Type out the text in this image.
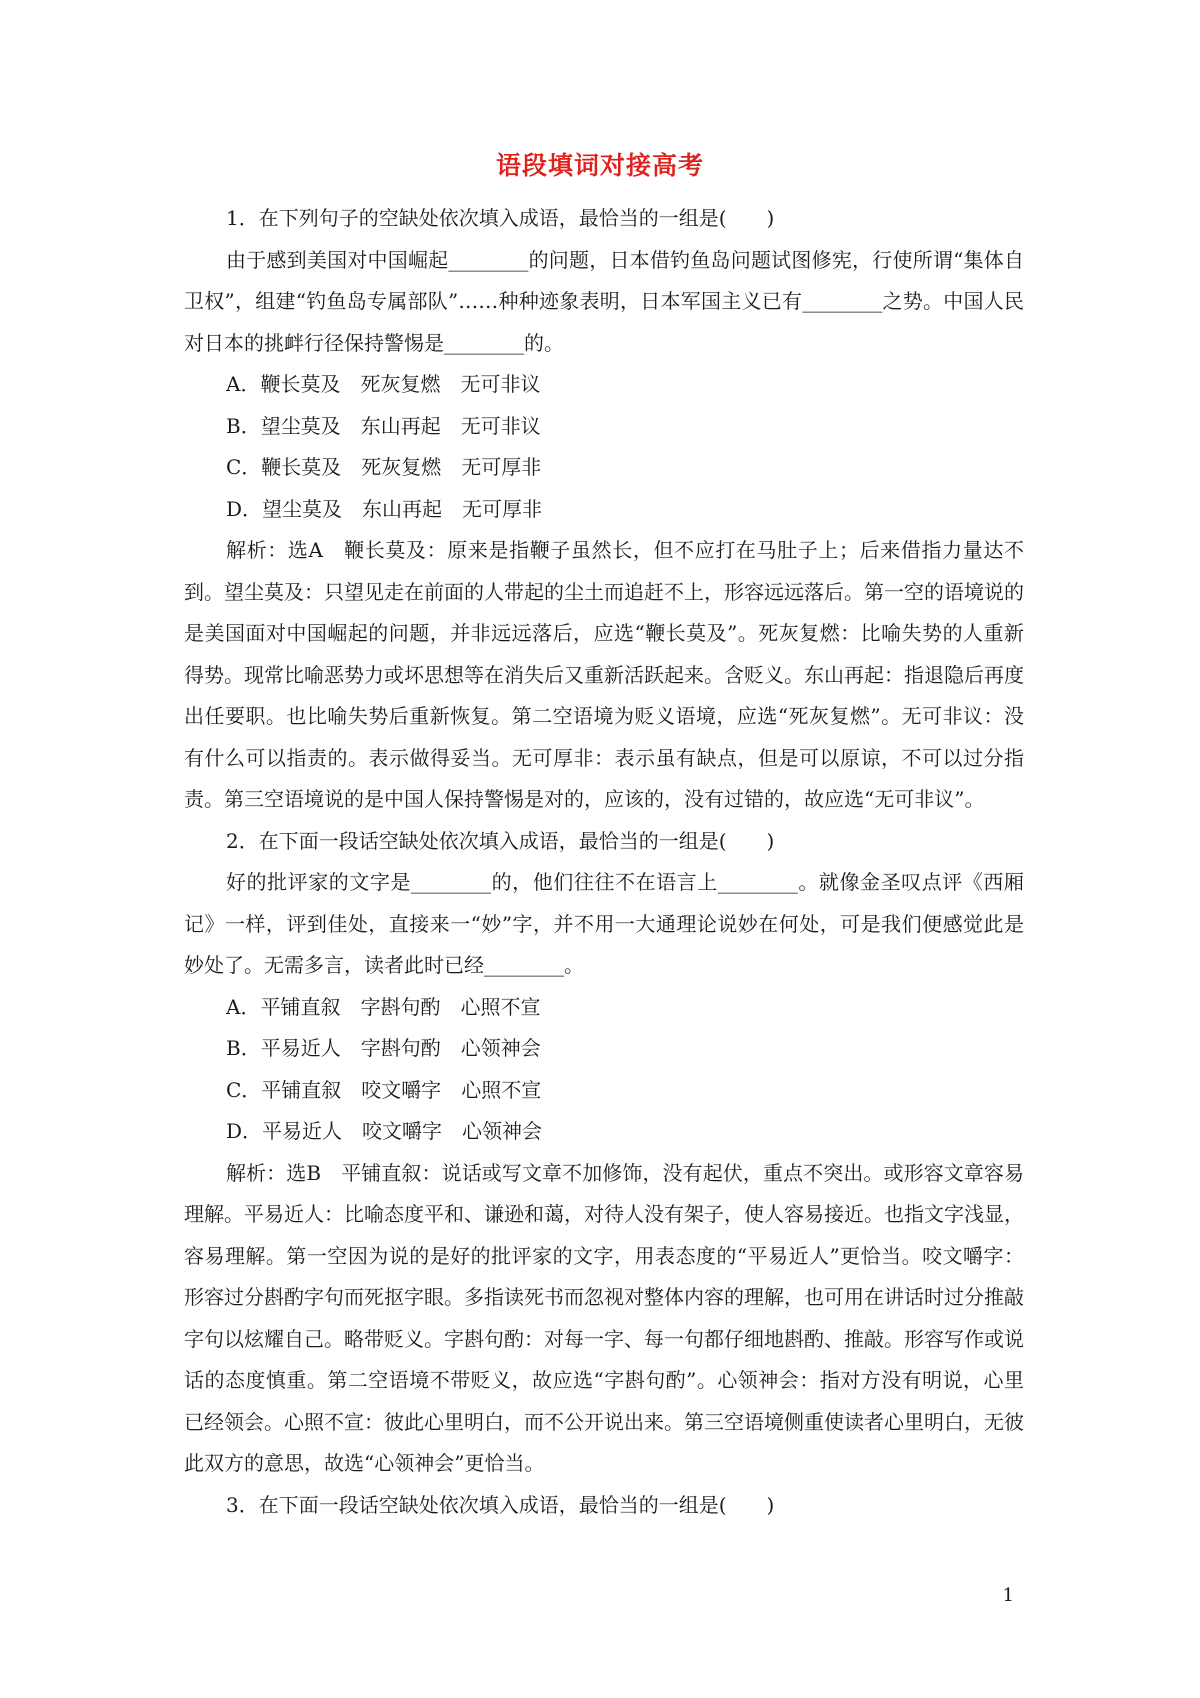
语段填词对接高考

1．在下列句子的空缺处依次填入成语，最恰当的一组是(　　)

由于感到美国对中国崛起________的问题，日本借钓鱼岛问题试图修宪，行使所谓“集体自卫权”，组建“钓鱼岛专属部队”……种种迹象表明，日本军国主义已有________之势。中国人民对日本的挑衅行径保持警惕是________的。

A．鞭长莫及　死灰复燃　无可非议

B．望尘莫及　东山再起　无可非议

C．鞭长莫及　死灰复燃　无可厚非

D．望尘莫及　东山再起　无可厚非

解析：选A　鞭长莫及：原来是指鞭子虽然长，但不应打在马肚子上；后来借指力量达不到。望尘莫及：只望见走在前面的人带起的尘土而追赶不上，形容远远落后。第一空的语境说的是美国面对中国崛起的问题，并非远远落后，应选“鞭长莫及”。死灰复燃：比喻失势的人重新得势。现常比喻恶势力或坏思想等在消失后又重新活跃起来。含贬义。东山再起：指退隐后再度出任要职。也比喻失势后重新恢复。第二空语境为贬义语境，应选“死灰复燃”。无可非议：没有什么可以指责的。表示做得妥当。无可厚非：表示虽有缺点，但是可以原谅，不可以过分指责。第三空语境说的是中国人保持警惕是对的，应该的，没有过错的，故应选“无可非议”。

2．在下面一段话空缺处依次填入成语，最恰当的一组是(　　)

好的批评家的文字是________的，他们往往不在语言上________。就像金圣叹点评《西厢记》一样，评到佳处，直接来一“妙”字，并不用一大通理论说妙在何处，可是我们便感觉此是妙处了。无需多言，读者此时已经________。

A．平铺直叙　字斟句酌　心照不宣

B．平易近人　字斟句酌　心领神会

C．平铺直叙　咬文嚼字　心照不宣

D．平易近人　咬文嚼字　心领神会

解析：选B　平铺直叙：说话或写文章不加修饰，没有起伏，重点不突出。或形容文章容易理解。平易近人：比喻态度平和、谦逊和蔼，对待人没有架子，使人容易接近。也指文字浅显，容易理解。第一空因为说的是好的批评家的文字，用表态度的“平易近人”更恰当。咬文嚼字：形容过分斟酌字句而死抠字眼。多指读死书而忽视对整体内容的理解，也可用在讲话时过分推敲字句以炫耀自己。略带贬义。字斟句酌：对每一字、每一句都仔细地斟酌、推敲。形容写作或说话的态度慎重。第二空语境不带贬义，故应选“字斟句酌”。心领神会：指对方没有明说，心里已经领会。心照不宣：彼此心里明白，而不公开说出来。第三空语境侧重使读者心里明白，无彼此双方的意思，故选“心领神会”更恰当。

3．在下面一段话空缺处依次填入成语，最恰当的一组是(　　)

1
